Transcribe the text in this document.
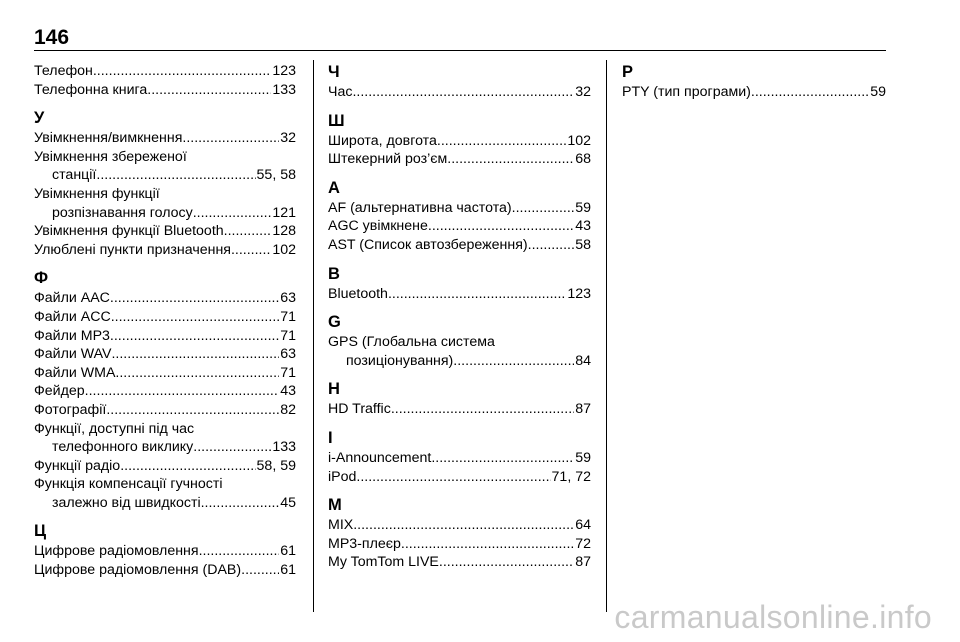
146
Телефон .....	123
Телефонна книга .....	133
У
Увімкнення/вимкнення .....	32
Увімкнення збереженої
станції .....	55, 58
Увімкнення функції
розпізнавання голосу .....	121
Увімкнення функції Bluetooth .....	128
Улюблені пункти призначення. .....	102
Ф
Файли AAC .....	63
Файли ACC .....	71
Файли MP3 .....	71
Файли WAV .....	63
Файли WMA .....	71
Фейдер .....	43
Фотографії .....	82
Функції, доступні під час
телефонного виклику .....	133
Функції радіо .....	58, 59
Функція компенсації гучності
залежно від швидкості .....	45
Ц
Цифрове радіомовлення .....	61
Цифрове радіомовлення (DAB). ..... 61
Ч
Час .....	32
Ш
Широта, довгота .....	102
Штекерний роз’єм .....	68
A
AF (альтернативна частота) .....	59
AGC увімкнене .....	43
AST (Список автозбереження) .....	58
B
Bluetooth .....	123
G
GPS (Глобальна система
позиціонування) .....	84
H
HD Traffic .....	87
I
i-Announcement .....	59
iPod .....	71, 72
M
MIX .....	64
MP3-плеєр .....	72
My TomTom LIVE .....	87
P
PTY (тип програми) .....	59
carmanualsonline.info
